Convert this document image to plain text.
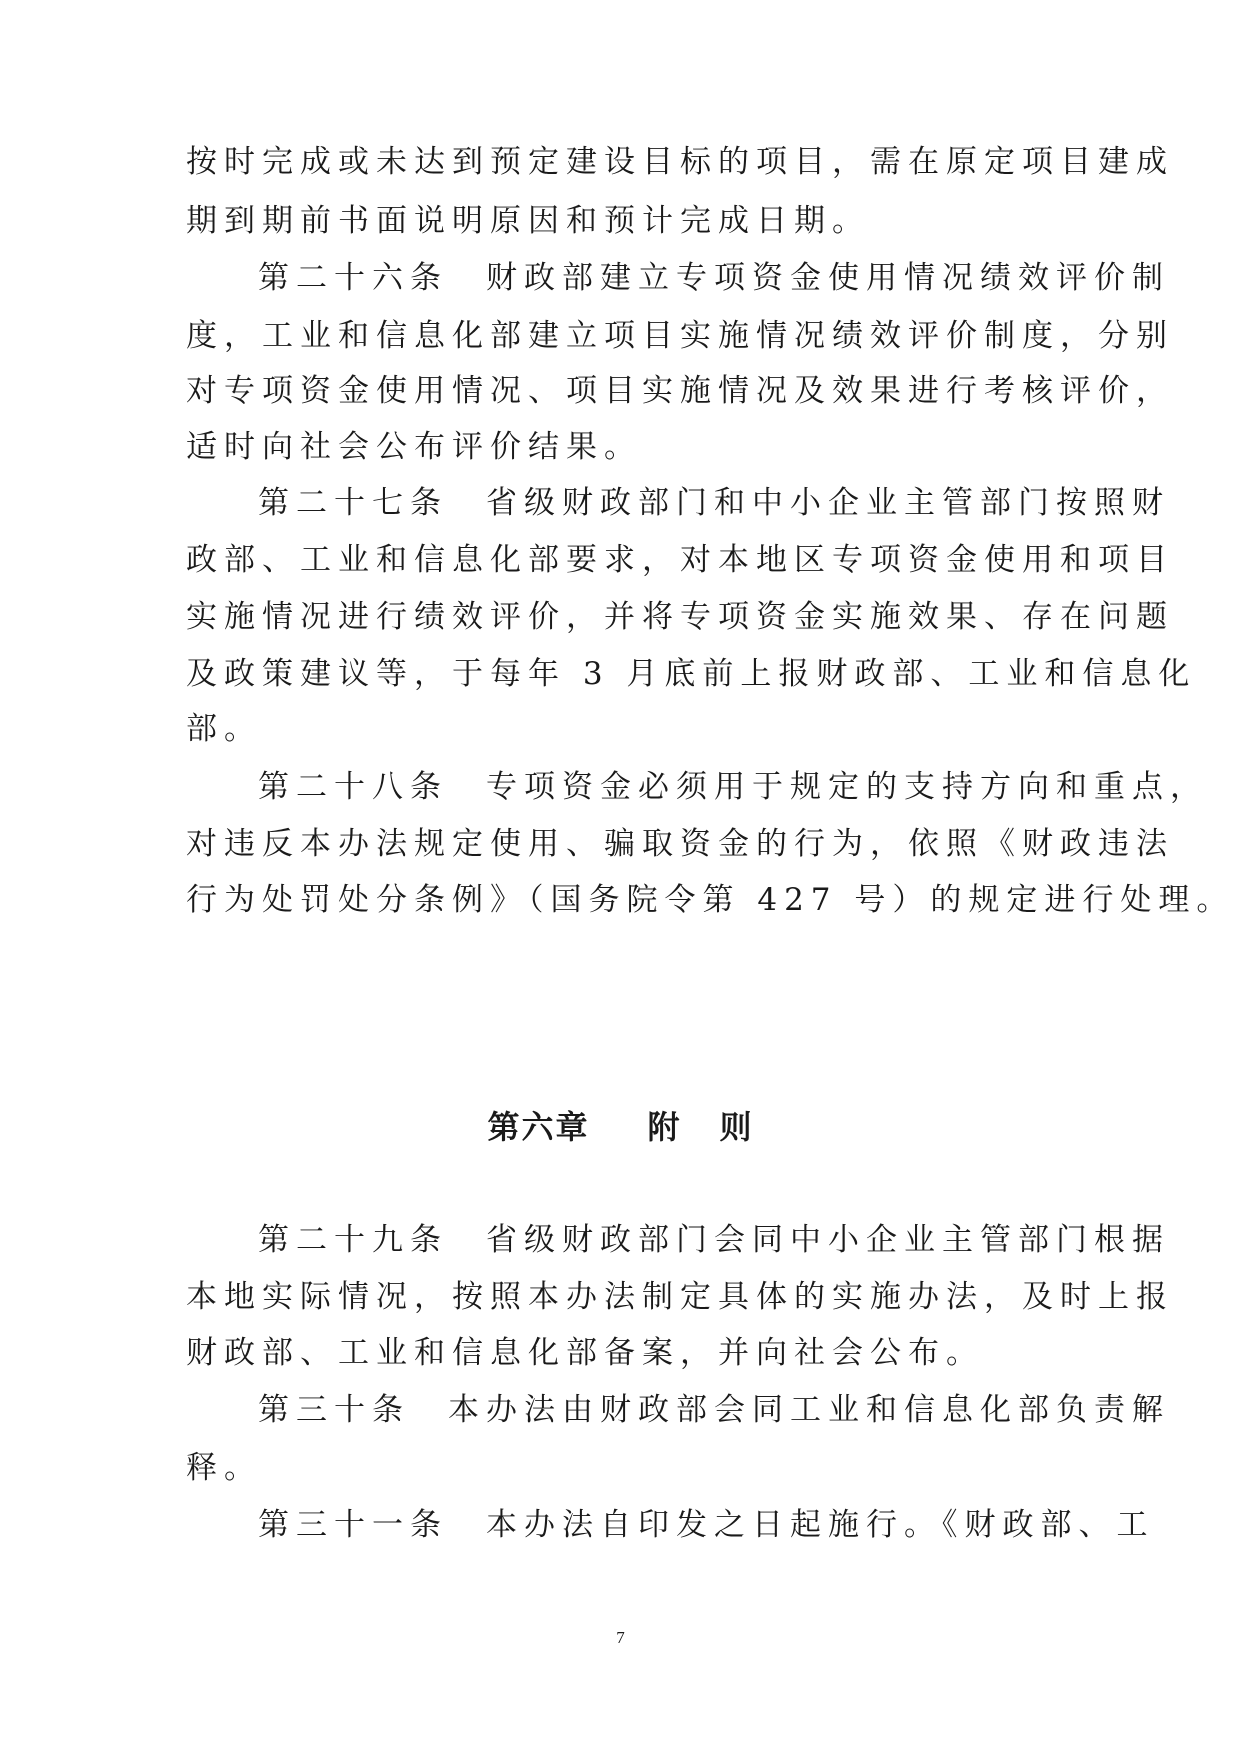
按时完成或未达到预定建设目标的项目，需在原定项目建成
期到期前书面说明原因和预计完成日期。
第二十六条　财政部建立专项资金使用情况绩效评价制
度，工业和信息化部建立项目实施情况绩效评价制度，分别
对专项资金使用情况、项目实施情况及效果进行考核评价，
适时向社会公布评价结果。
第二十七条　省级财政部门和中小企业主管部门按照财
政部、工业和信息化部要求，对本地区专项资金使用和项目
实施情况进行绩效评价，并将专项资金实施效果、存在问题
及政策建议等，于每年 3 月底前上报财政部、工业和信息化
部。
第二十八条　专项资金必须用于规定的支持方向和重点，
对违反本办法规定使用、骗取资金的行为，依照《财政违法
行为处罚处分条例》（国务院令第 427 号）的规定进行处理。
第六章 附 则
第二十九条　省级财政部门会同中小企业主管部门根据
本地实际情况，按照本办法制定具体的实施办法，及时上报
财政部、工业和信息化部备案，并向社会公布。
第三十条　本办法由财政部会同工业和信息化部负责解
释。
第三十一条　本办法自印发之日起施行。《财政部、工
7
